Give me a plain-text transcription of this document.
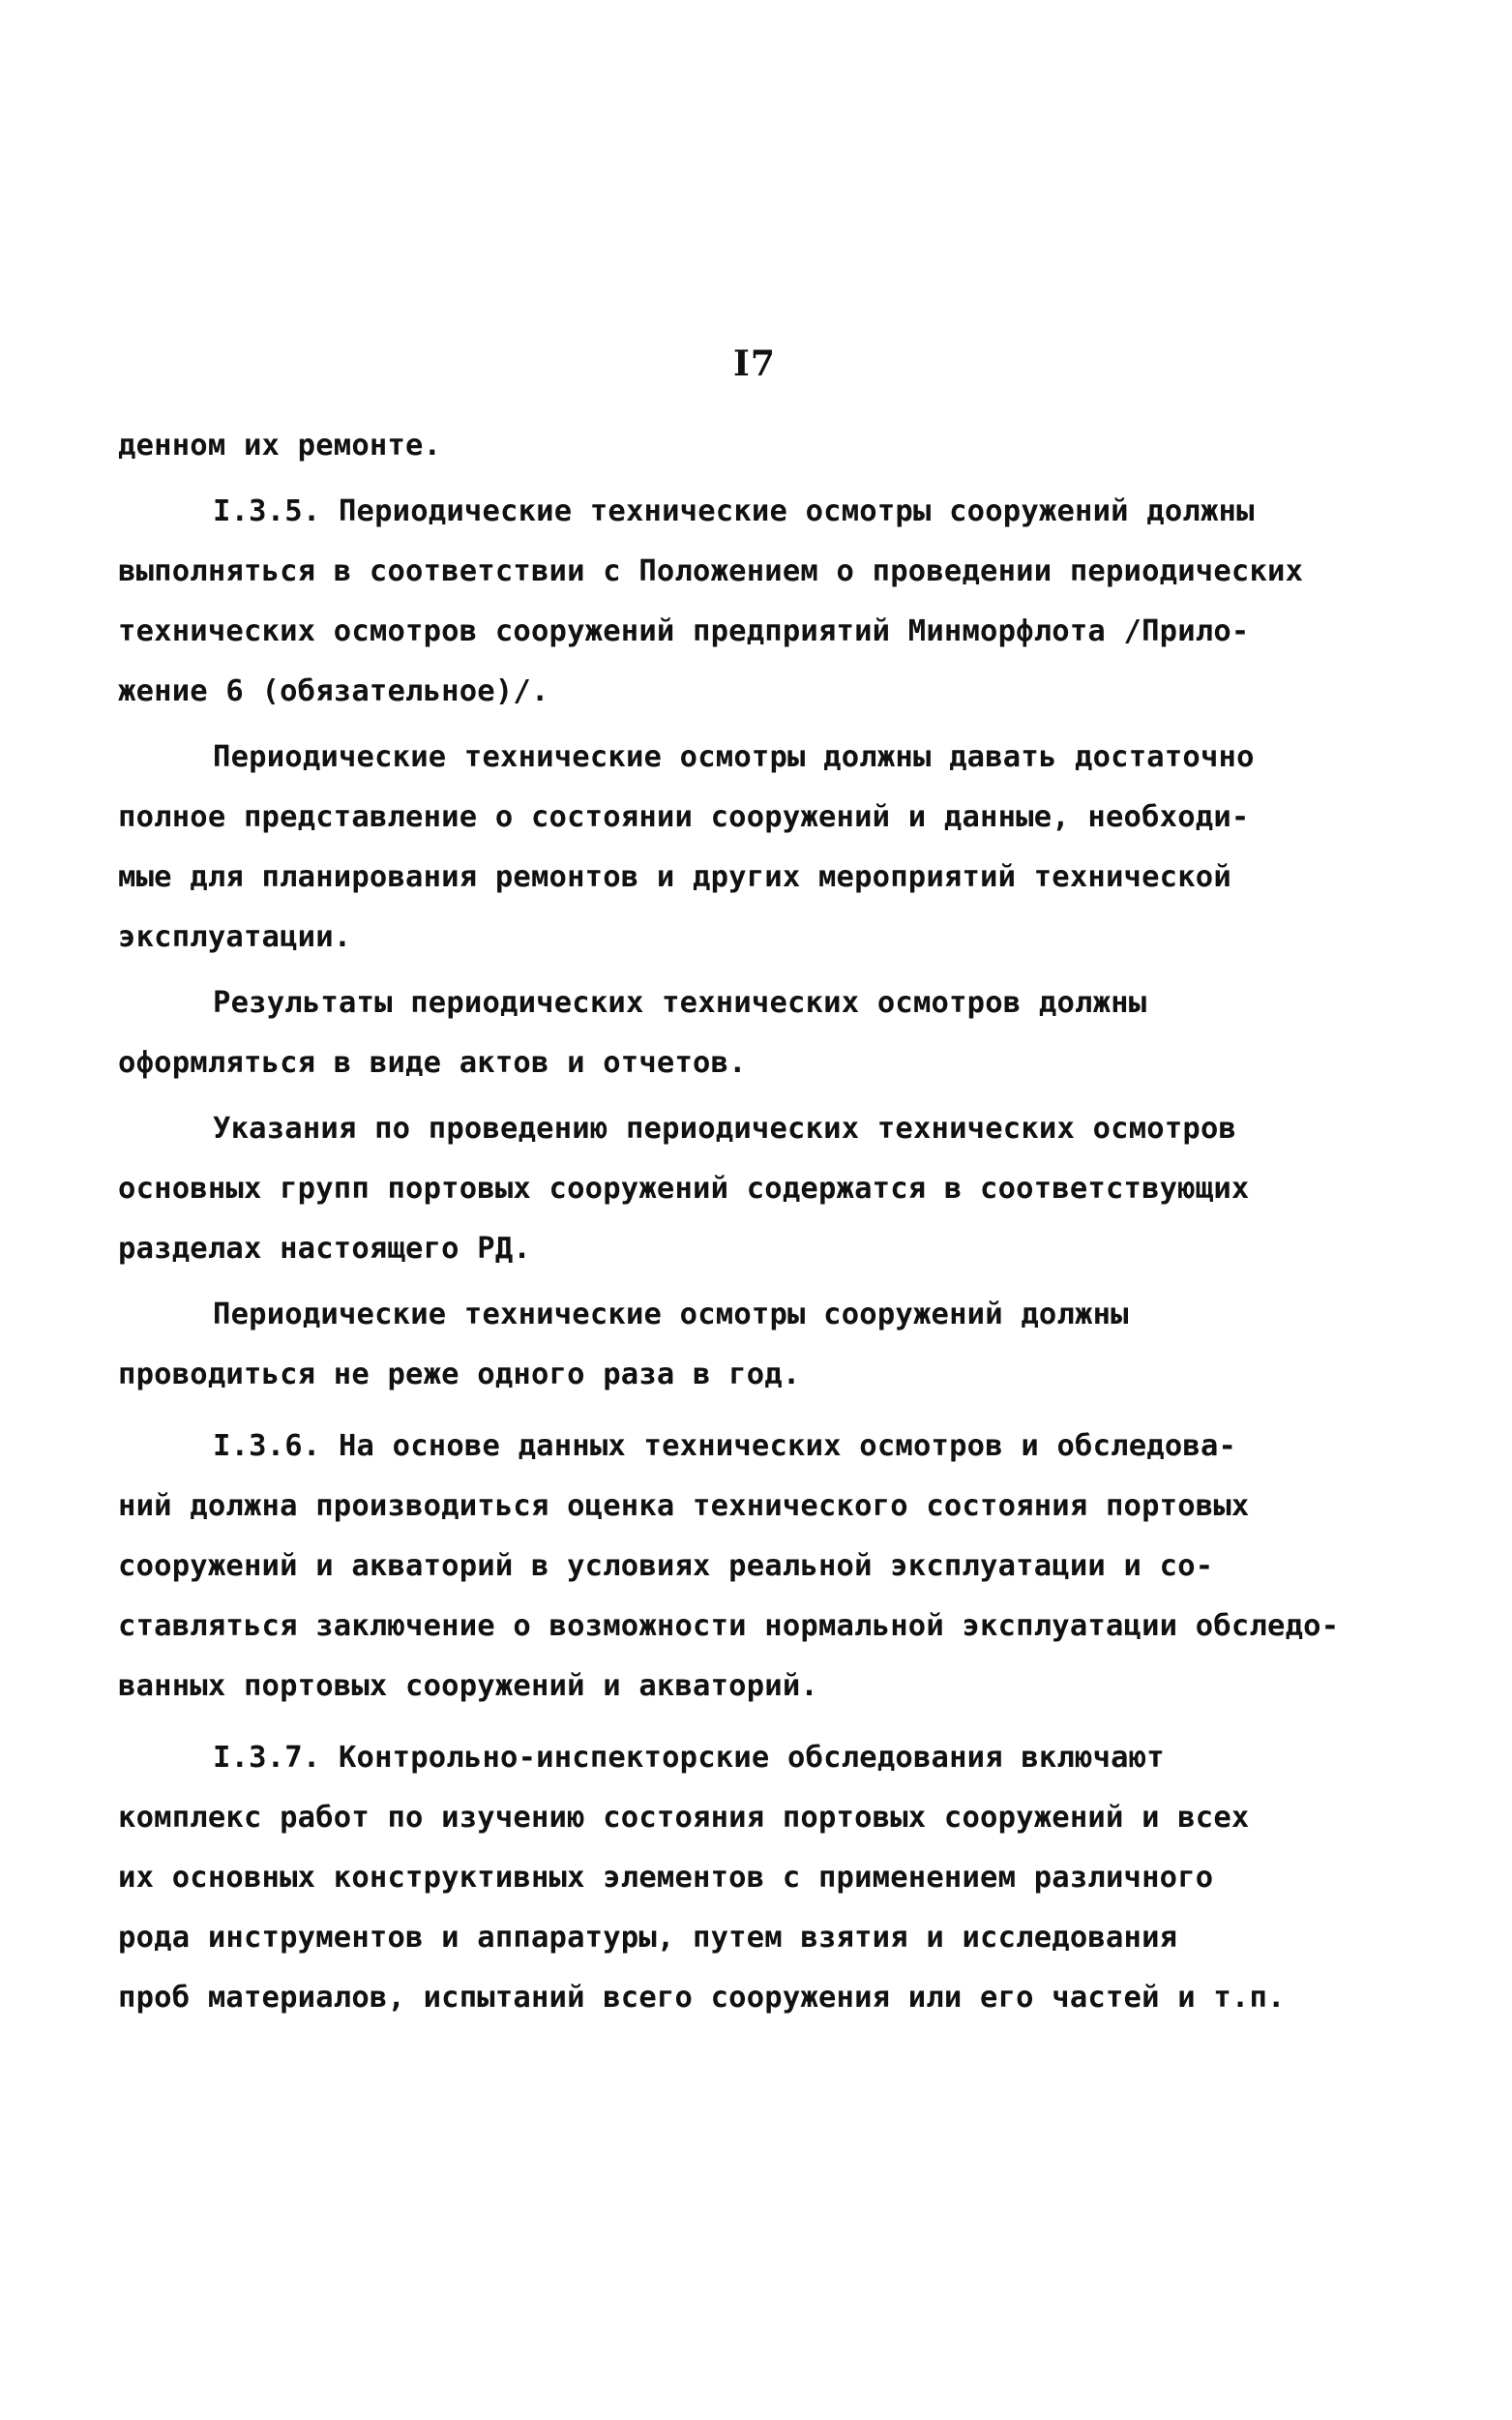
I7
денном их ремонте.
I.3.5. Периодические технические осмотры сооружений должны
выполняться в соответствии с Положением о проведении периодических
технических осмотров сооружений предприятий Минморфлота /Прило-
жение 6 (обязательное)/.
Периодические технические осмотры должны давать достаточно
полное представление о состоянии сооружений и данные, необходи-
мые для планирования ремонтов и других мероприятий технической
эксплуатации.
Результаты периодических технических осмотров должны
оформляться в виде актов и отчетов.
Указания по проведению периодических технических осмотров
основных групп портовых сооружений содержатся в соответствующих
разделах настоящего РД.
Периодические технические осмотры сооружений должны
проводиться не реже одного раза в год.
I.3.6. На основе данных технических осмотров и обследова-
ний должна производиться оценка технического состояния портовых
сооружений и акваторий в условиях реальной эксплуатации и со-
ставляться заключение о возможности нормальной эксплуатации обследо-
ванных портовых сооружений и акваторий.
I.3.7. Контрольно-инспекторские обследования включают
комплекс работ по изучению состояния портовых сооружений и всех
их основных конструктивных элементов с применением различного
рода инструментов и аппаратуры, путем взятия и исследования
проб материалов, испытаний всего сооружения или его частей и т.п.
